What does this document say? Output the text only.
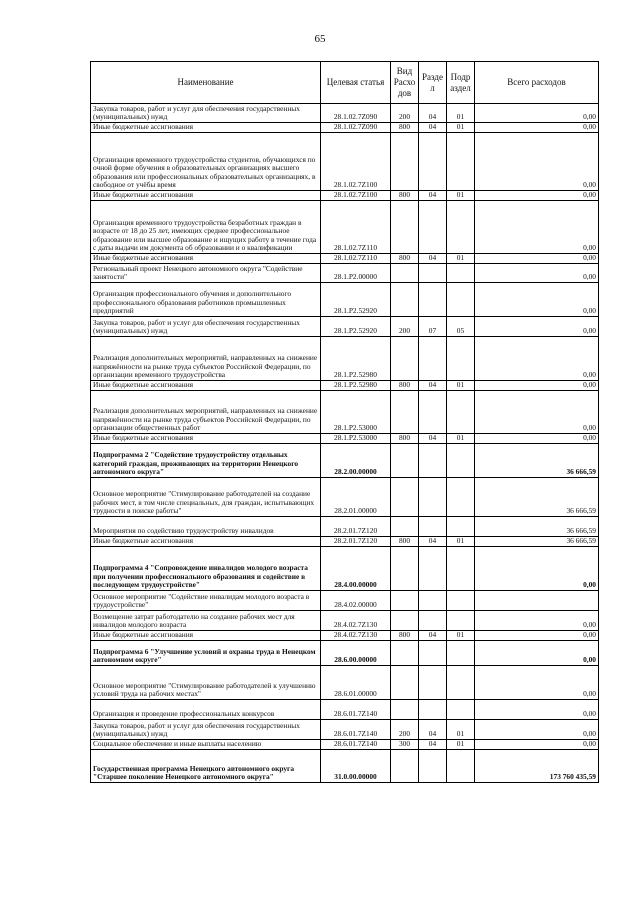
65
Наименование	Целевая статья	Вид Расхо дов	Разде л	Подр аздел	Всего расходов
Закупка товаров, работ и услуг для обеспечения государственных (муниципальных) нужд	28.1.02.7Z090	200	04	01	0,00
Иные бюджетные ассигнования	28.1.02.7Z090	800	04	01	0,00
Организация временного трудоустройства студентов, обучающихся по очной форме обучения в образовательных организациях высшего образования или профессиональных образовательных организациях, в свободное от учёбы время	28.1.02.7Z100				0,00
Иные бюджетные ассигнования	28.1.02.7Z100	800	04	01	0,00
Организация временного трудоустройства безработных граждан в возрасте от 18 до 25 лет, имеющих среднее профессиональное образование или высшее образование и ищущих работу в течение года с даты выдачи им документа об образовании и о квалификации	28.1.02.7Z110				0,00
Иные бюджетные ассигнования	28.1.02.7Z110	800	04	01	0,00
Региональный проект Ненецкого автономного округа "Содействие занятости"	28.1.P2.00000				0,00
Организация профессионального обучения и дополнительного профессионального образования работников промышленных предприятий	28.1.P2.52920				0,00
Закупка товаров, работ и услуг для обеспечения государственных (муниципальных) нужд	28.1.P2.52920	200	07	05	0,00
Реализация дополнительных мероприятий, направленных на снижение напряжённости на рынке труда субъектов Российской Федерации, по организации временного трудоустройства	28.1.P2.52980				0,00
Иные бюджетные ассигнования	28.1.P2.52980	800	04	01	0,00
Реализация дополнительных мероприятий, направленных на снижение напряжённости на рынке труда субъектов Российской Федерации, по организации общественных работ	28.1.P2.53000				0,00
Иные бюджетные ассигнования	28.1.P2.53000	800	04	01	0,00
Подпрограмма 2 "Содействие трудоустройству отдельных категорий граждан, проживающих на территории Ненецкого автономного округа"	28.2.00.00000				36 666,59
Основное мероприятие "Стимулирование работодателей на создание рабочих мест, в том числе специальных, для граждан, испытывающих трудности в поиске работы"	28.2.01.00000				36 666,59
Мероприятия по содействию трудоустройству инвалидов	28.2.01.7Z120				36 666,59
Иные бюджетные ассигнования	28.2.01.7Z120	800	04	01	36 666,59
Подпрограмма 4 "Сопровождение инвалидов молодого возраста при получении профессионального образования и содействие в последующем трудоустройстве"	28.4.00.00000				0,00
Основное мероприятие "Содействие инвалидам молодого возраста в трудоустройстве"	28.4.02.00000				
Возмещение затрат работодателю на создание рабочих мест для инвалидов молодого возраста	28.4.02.7Z130				0,00
Иные бюджетные ассигнования	28.4.02.7Z130	800	04	01	0,00
Подпрограмма 6 "Улучшение условий и охраны труда в Ненецком автономном округе"	28.6.00.00000				0,00
Основное мероприятие "Стимулирование работодателей к улучшению условий труда на рабочих местах"	28.6.01.00000				0,00
Организация и проведение профессиональных конкурсов	28.6.01.7Z140				0,00
Закупка товаров, работ и услуг для обеспечения государственных (муниципальных) нужд	28.6.01.7Z140	200	04	01	0,00
Социальное обеспечение и иные выплаты населению	28.6.01.7Z140	300	04	01	0,00
Государственная программа Ненецкого автономного округа "Старшее поколение Ненецкого автономного округа"	31.0.00.00000				173 760 435,59
